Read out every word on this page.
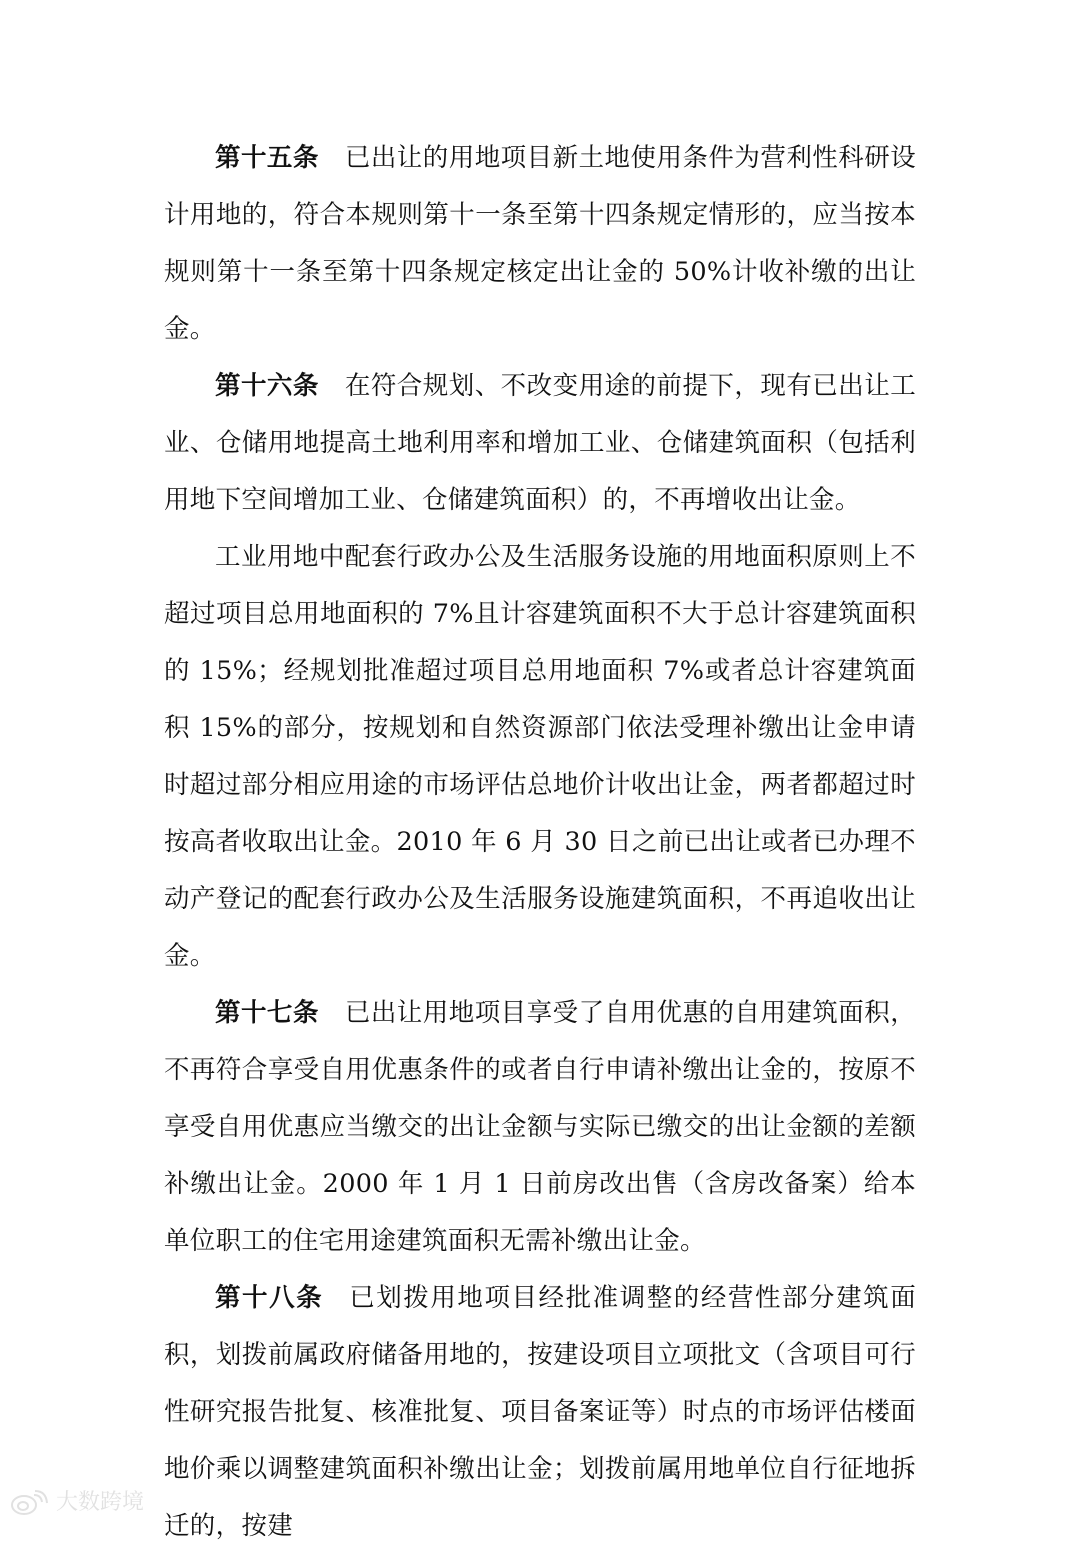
第十五条 已出让的用地项目新土地使用条件为营利性科研设计用地的，符合本规则第十一条至第十四条规定情形的，应当按本规则第十一条至第十四条规定核定出让金的 50%计收补缴的出让金。

第十六条 在符合规划、不改变用途的前提下，现有已出让工业、仓储用地提高土地利用率和增加工业、仓储建筑面积（包括利用地下空间增加工业、仓储建筑面积）的，不再增收出让金。

工业用地中配套行政办公及生活服务设施的用地面积原则上不超过项目总用地面积的 7%且计容建筑面积不大于总计容建筑面积的 15%；经规划批准超过项目总用地面积 7%或者总计容建筑面积 15%的部分，按规划和自然资源部门依法受理补缴出让金申请时超过部分相应用途的市场评估总地价计收出让金，两者都超过时按高者收取出让金。2010 年 6 月 30 日之前已出让或者已办理不动产登记的配套行政办公及生活服务设施建筑面积，不再追收出让金。

第十七条 已出让用地项目享受了自用优惠的自用建筑面积，不再符合享受自用优惠条件的或者自行申请补缴出让金的，按原不享受自用优惠应当缴交的出让金额与实际已缴交的出让金额的差额补缴出让金。2000 年 1 月 1 日前房改出售（含房改备案）给本单位职工的住宅用途建筑面积无需补缴出让金。

第十八条 已划拨用地项目经批准调整的经营性部分建筑面积，划拨前属政府储备用地的，按建设项目立项批文（含项目可行性研究报告批复、核准批复、项目备案证等）时点的市场评估楼面地价乘以调整建筑面积补缴出让金；划拨前属用地单位自行征地拆迁的，按建

大数跨境
